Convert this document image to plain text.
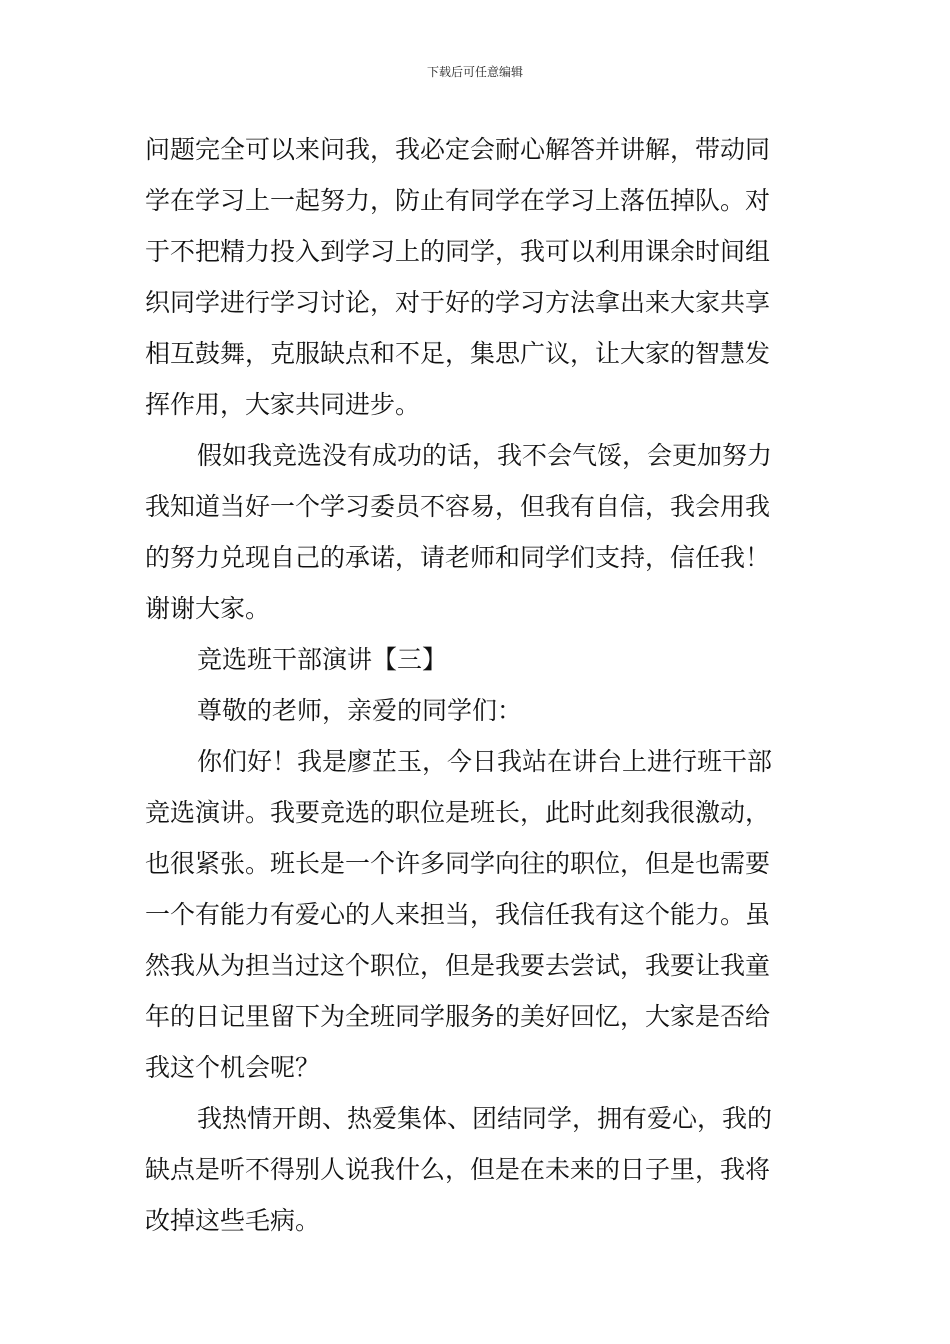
下载后可任意编辑
问题完全可以来问我，我必定会耐心解答并讲解，带动同
学在学习上一起努力，防止有同学在学习上落伍掉队。对
于不把精力投入到学习上的同学，我可以利用课余时间组
织同学进行学习讨论，对于好的学习方法拿出来大家共享
相互鼓舞，克服缺点和不足，集思广议，让大家的智慧发
挥作用，大家共同进步。
假如我竞选没有成功的话，我不会气馁，会更加努力
我知道当好一个学习委员不容易，但我有自信，我会用我
的努力兑现自己的承诺，请老师和同学们支持，信任我！
谢谢大家。
竞选班干部演讲【三】
尊敬的老师，亲爱的同学们：
你们好！我是廖芷玉，今日我站在讲台上进行班干部
竞选演讲。我要竞选的职位是班长，此时此刻我很激动，
也很紧张。班长是一个许多同学向往的职位，但是也需要
一个有能力有爱心的人来担当，我信任我有这个能力。虽
然我从为担当过这个职位，但是我要去尝试，我要让我童
年的日记里留下为全班同学服务的美好回忆，大家是否给
我这个机会呢？
我热情开朗、热爱集体、团结同学，拥有爱心，我的
缺点是听不得别人说我什么，但是在未来的日子里，我将
改掉这些毛病。
